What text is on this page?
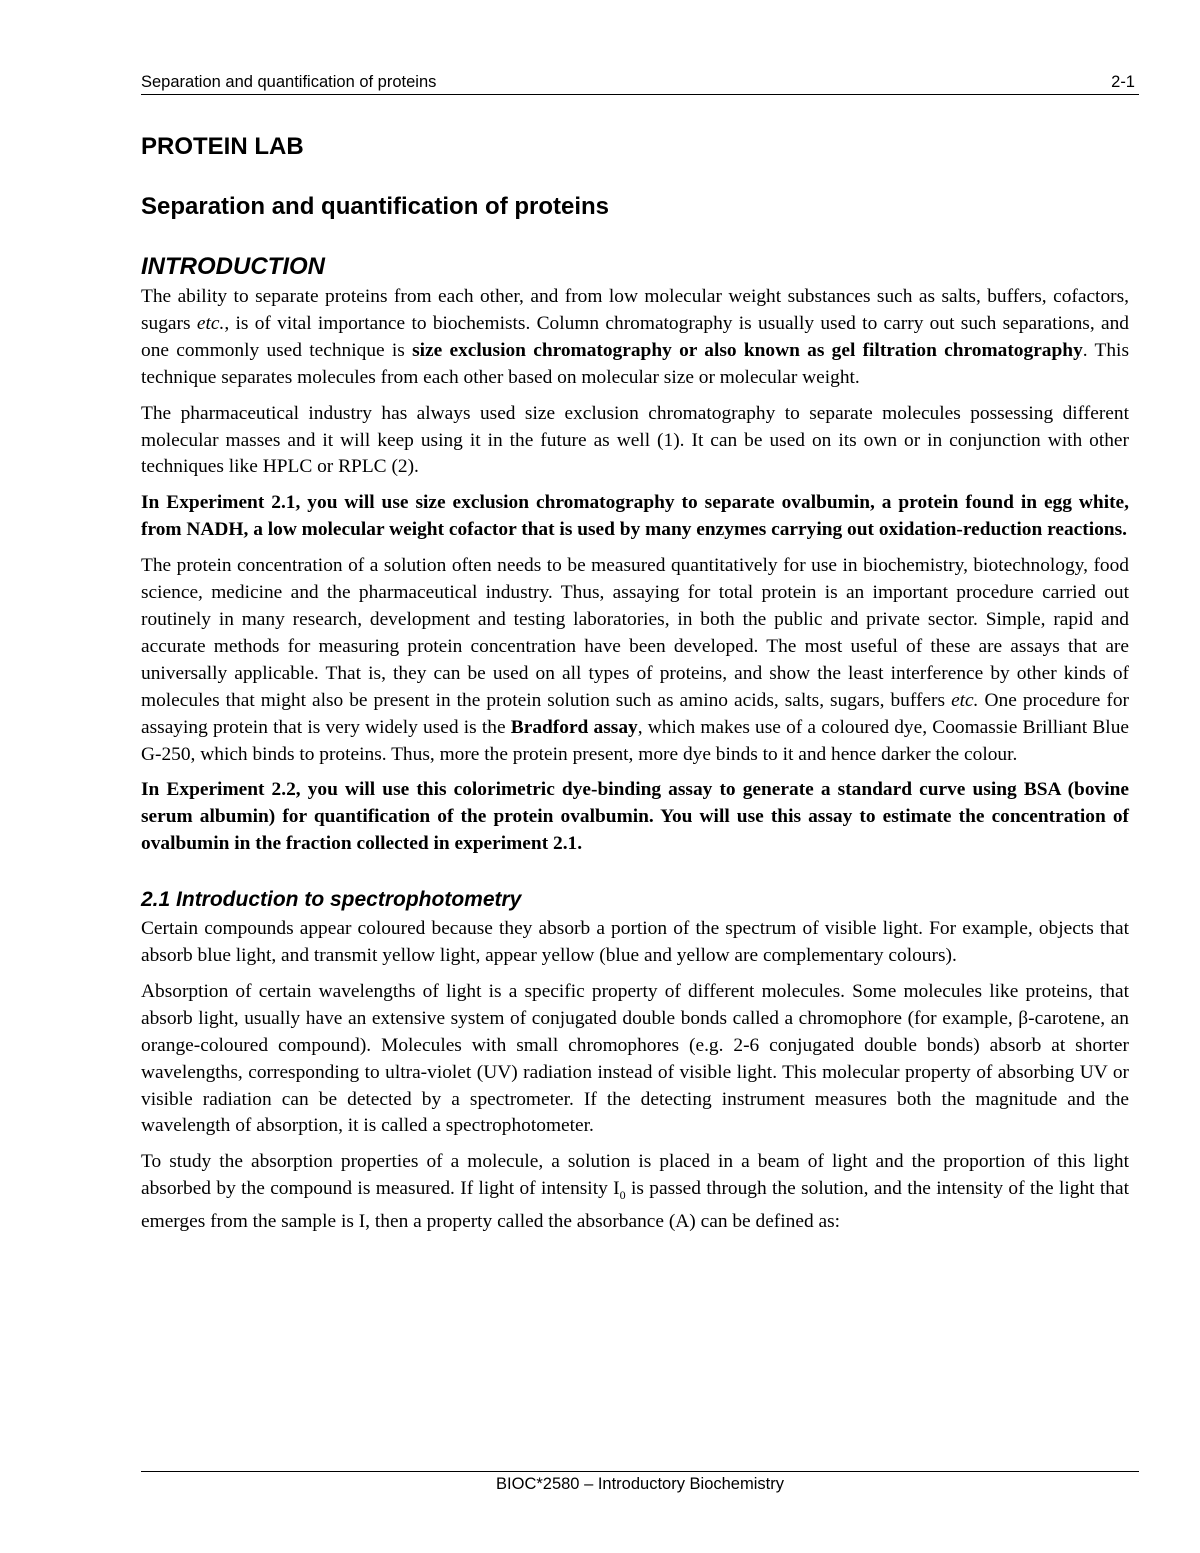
Separation and quantification of proteins	2-1
PROTEIN LAB
Separation and quantification of proteins
INTRODUCTION

The ability to separate proteins from each other, and from low molecular weight substances such as salts, buffers, cofactors, sugars etc., is of vital importance to biochemists. Column chromatography is usually used to carry out such separations, and one commonly used technique is size exclusion chromatography or also known as gel filtration chromatography. This technique separates molecules from each other based on molecular size or molecular weight.

The pharmaceutical industry has always used size exclusion chromatography to separate molecules possessing different molecular masses and it will keep using it in the future as well (1). It can be used on its own or in conjunction with other techniques like HPLC or RPLC (2).

In Experiment 2.1, you will use size exclusion chromatography to separate ovalbumin, a protein found in egg white, from NADH, a low molecular weight cofactor that is used by many enzymes carrying out oxidation-reduction reactions.

The protein concentration of a solution often needs to be measured quantitatively for use in biochemistry, biotechnology, food science, medicine and the pharmaceutical industry. Thus, assaying for total protein is an important procedure carried out routinely in many research, development and testing laboratories, in both the public and private sector. Simple, rapid and accurate methods for measuring protein concentration have been developed. The most useful of these are assays that are universally applicable. That is, they can be used on all types of proteins, and show the least interference by other kinds of molecules that might also be present in the protein solution such as amino acids, salts, sugars, buffers etc. One procedure for assaying protein that is very widely used is the Bradford assay, which makes use of a coloured dye, Coomassie Brilliant Blue G-250, which binds to proteins. Thus, more the protein present, more dye binds to it and hence darker the colour.

In Experiment 2.2, you will use this colorimetric dye-binding assay to generate a standard curve using BSA (bovine serum albumin) for quantification of the protein ovalbumin. You will use this assay to estimate the concentration of ovalbumin in the fraction collected in experiment 2.1.

2.1 Introduction to spectrophotometry

Certain compounds appear coloured because they absorb a portion of the spectrum of visible light. For example, objects that absorb blue light, and transmit yellow light, appear yellow (blue and yellow are complementary colours).

Absorption of certain wavelengths of light is a specific property of different molecules. Some molecules like proteins, that absorb light, usually have an extensive system of conjugated double bonds called a chromophore (for example, β-carotene, an orange-coloured compound). Molecules with small chromophores (e.g. 2-6 conjugated double bonds) absorb at shorter wavelengths, corresponding to ultra-violet (UV) radiation instead of visible light. This molecular property of absorbing UV or visible radiation can be detected by a spectrometer. If the detecting instrument measures both the magnitude and the wavelength of absorption, it is called a spectrophotometer.

To study the absorption properties of a molecule, a solution is placed in a beam of light and the proportion of this light absorbed by the compound is measured. If light of intensity $I_0$ is passed through the solution, and the intensity of the light that emerges from the sample is I, then a property called the absorbance (A) can be defined as:

BIOC*2580 – Introductory Biochemistry
